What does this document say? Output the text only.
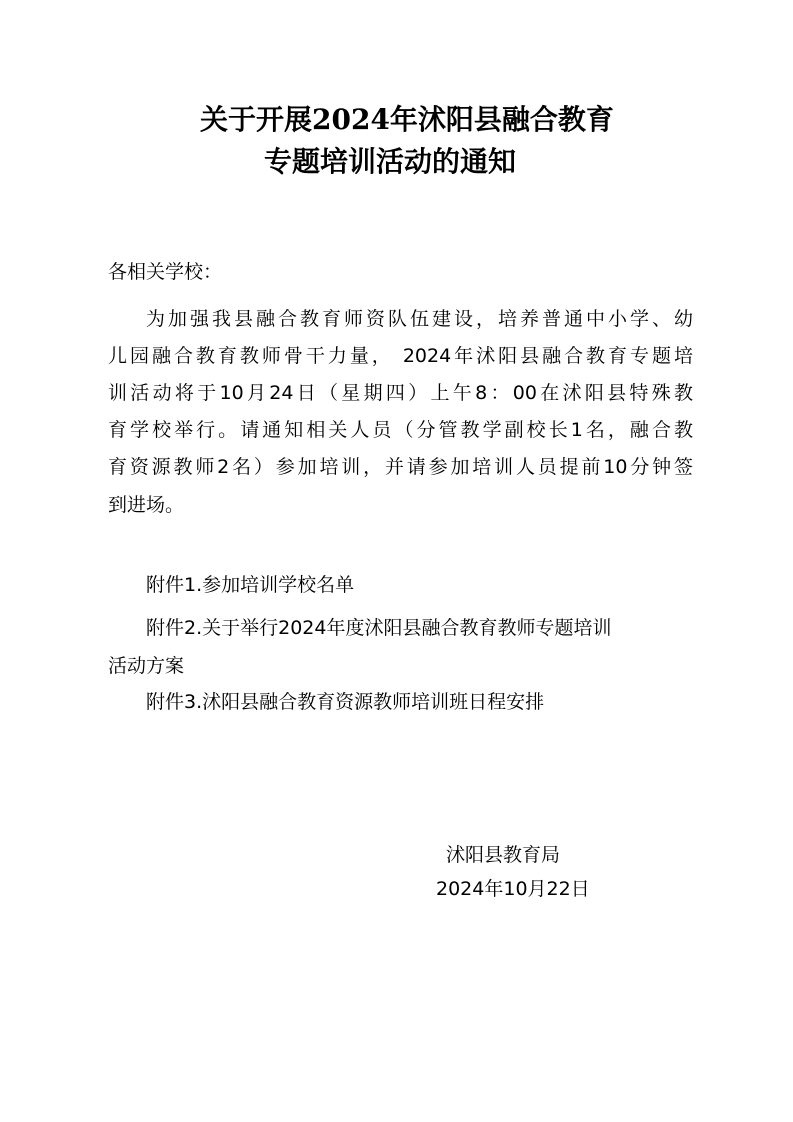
关于开展2024年沭阳县融合教育
专题培训活动的通知
各相关学校：
为加强我县融合教育师资队伍建设，培养普通中小学、幼
儿园融合教育教师骨干力量， 2024年沭阳县融合教育专题培
训活动将于10月24日（星期四）上午8：00在沭阳县特殊教
育学校举行。请通知相关人员（分管教学副校长1名，融合教
育资源教师2名）参加培训，并请参加培训人员提前10分钟签
到进场。
附件1.参加培训学校名单
附件2.关于举行2024年度沭阳县融合教育教师专题培训
活动方案
附件3.沭阳县融合教育资源教师培训班日程安排
沭阳县教育局
2024年10月22日
